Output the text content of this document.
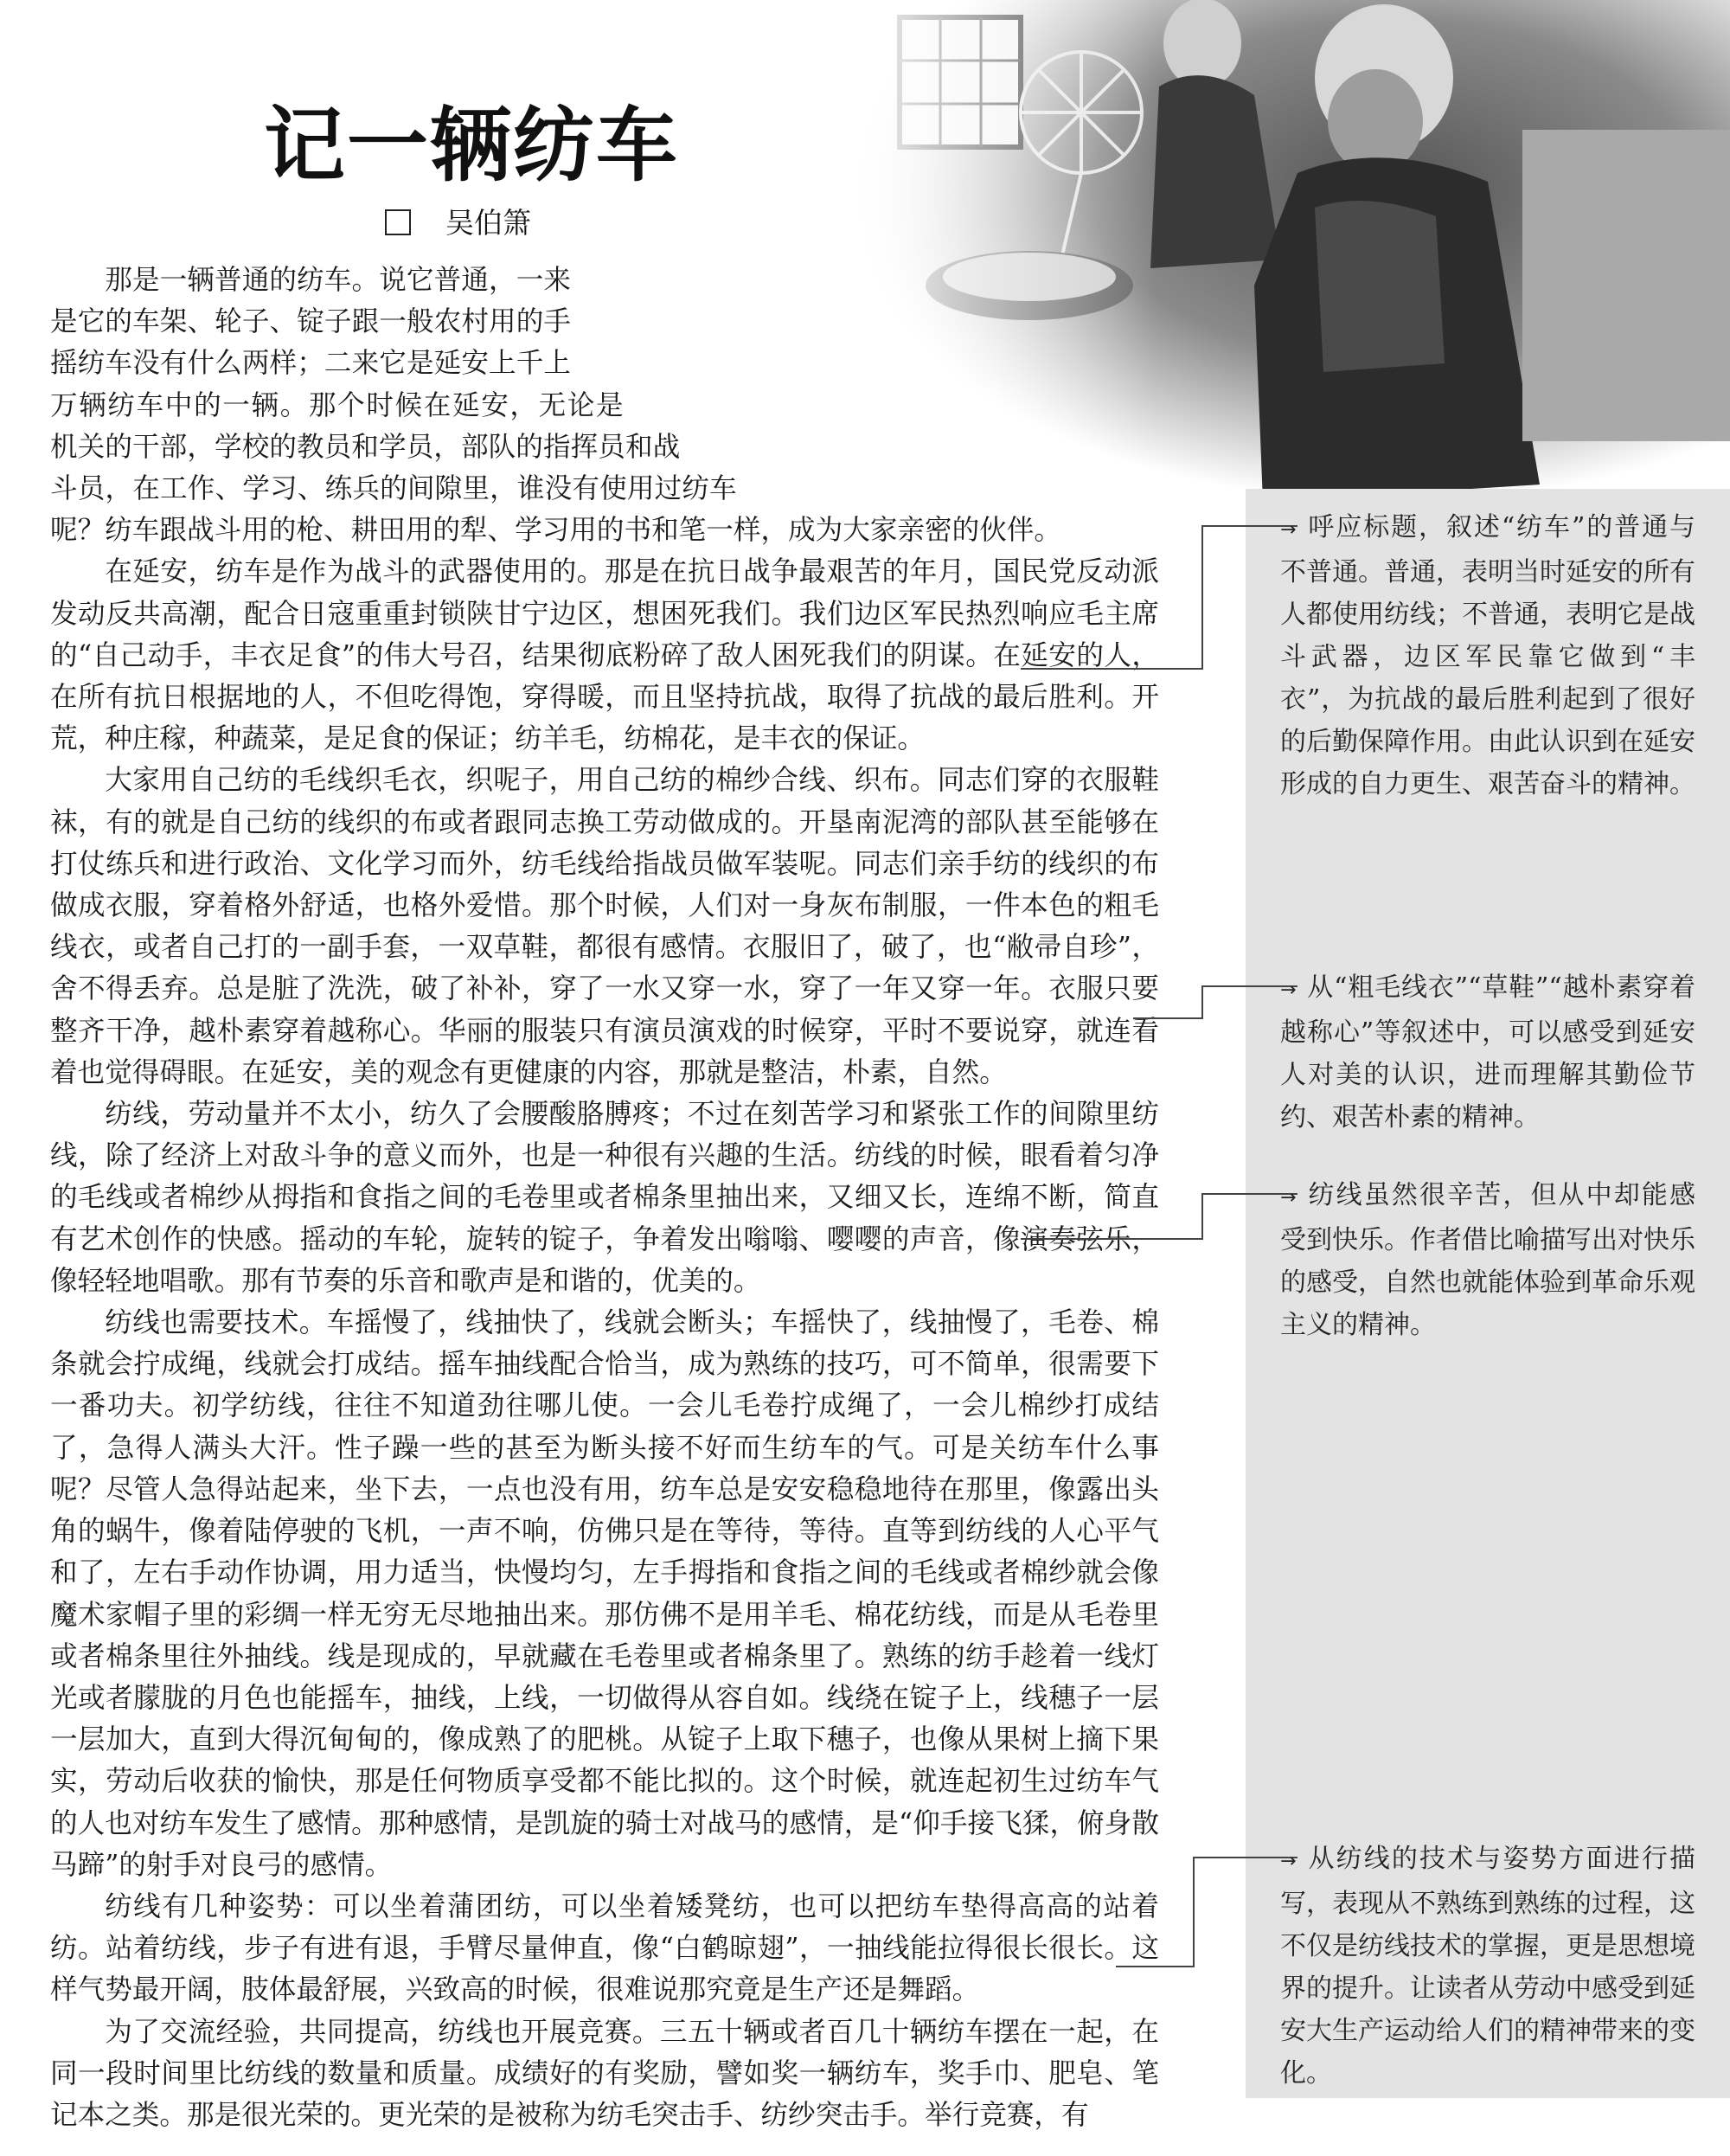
记一辆纺车
吴伯箫

那是一辆普通的纺车。说它普通，一来是它的车架、轮子、锭子跟一般农村用的手摇纺车没有什么两样；二来它是延安上千上万辆纺车中的一辆。那个时候在延安，无论是机关的干部，学校的教员和学员，部队的指挥员和战斗员，在工作、学习、练兵的间隙里，谁没有使用过纺车呢？纺车跟战斗用的枪、耕田用的犁、学习用的书和笔一样，成为大家亲密的伙伴。

在延安，纺车是作为战斗的武器使用的。那是在抗日战争最艰苦的年月，国民党反动派发动反共高潮，配合日寇重重封锁陕甘宁边区，想困死我们。我们边区军民热烈响应毛主席的“自己动手，丰衣足食”的伟大号召，结果彻底粉碎了敌人困死我们的阴谋。在延安的人，在所有抗日根据地的人，不但吃得饱，穿得暖，而且坚持抗战，取得了抗战的最后胜利。开荒，种庄稼，种蔬菜，是足食的保证；纺羊毛，纺棉花，是丰衣的保证。

大家用自己纺的毛线织毛衣，织呢子，用自己纺的棉纱合线、织布。同志们穿的衣服鞋袜，有的就是自己纺的线织的布或者跟同志换工劳动做成的。开垦南泥湾的部队甚至能够在打仗练兵和进行政治、文化学习而外，纺毛线给指战员做军装呢。同志们亲手纺的线织的布做成衣服，穿着格外舒适，也格外爱惜。那个时候，人们对一身灰布制服，一件本色的粗毛线衣，或者自己打的一副手套，一双草鞋，都很有感情。衣服旧了，破了，也“敝帚自珍”，舍不得丢弃。总是脏了洗洗，破了补补，穿了一水又穿一水，穿了一年又穿一年。衣服只要整齐干净，越朴素穿着越称心。华丽的服装只有演员演戏的时候穿，平时不要说穿，就连看着也觉得碍眼。在延安，美的观念有更健康的内容，那就是整洁，朴素，自然。

纺线，劳动量并不太小，纺久了会腰酸胳膊疼；不过在刻苦学习和紧张工作的间隙里纺线，除了经济上对敌斗争的意义而外，也是一种很有兴趣的生活。纺线的时候，眼看着匀净的毛线或者棉纱从拇指和食指之间的毛卷里或者棉条里抽出来，又细又长，连绵不断，简直有艺术创作的快感。摇动的车轮，旋转的锭子，争着发出嗡嗡、嘤嘤的声音，像演奏弦乐，像轻轻地唱歌。那有节奏的乐音和歌声是和谐的，优美的。

纺线也需要技术。车摇慢了，线抽快了，线就会断头；车摇快了，线抽慢了，毛卷、棉条就会拧成绳，线就会打成结。摇车抽线配合恰当，成为熟练的技巧，可不简单，很需要下一番功夫。初学纺线，往往不知道劲往哪儿使。一会儿毛卷拧成绳了，一会儿棉纱打成结了，急得人满头大汗。性子躁一些的甚至为断头接不好而生纺车的气。可是关纺车什么事呢？尽管人急得站起来，坐下去，一点也没有用，纺车总是安安稳稳地待在那里，像露出头角的蜗牛，像着陆停驶的飞机，一声不响，仿佛只是在等待，等待。直等到纺线的人心平气和了，左右手动作协调，用力适当，快慢均匀，左手拇指和食指之间的毛线或者棉纱就会像魔术家帽子里的彩绸一样无穷无尽地抽出来。那仿佛不是用羊毛、棉花纺线，而是从毛卷里或者棉条里往外抽线。线是现成的，早就藏在毛卷里或者棉条里了。熟练的纺手趁着一线灯光或者朦胧的月色也能摇车，抽线，上线，一切做得从容自如。线绕在锭子上，线穗子一层一层加大，直到大得沉甸甸的，像成熟了的肥桃。从锭子上取下穗子，也像从果树上摘下果实，劳动后收获的愉快，那是任何物质享受都不能比拟的。这个时候，就连起初生过纺车气的人也对纺车发生了感情。那种感情，是凯旋的骑士对战马的感情，是“仰手接飞猱，俯身散马蹄”的射手对良弓的感情。

纺线有几种姿势：可以坐着蒲团纺，可以坐着矮凳纺，也可以把纺车垫得高高的站着纺。站着纺线，步子有进有退，手臂尽量伸直，像“白鹤晾翅”，一抽线能拉得很长很长。这样气势最开阔，肢体最舒展，兴致高的时候，很难说那究竟是生产还是舞蹈。

为了交流经验，共同提高，纺线也开展竞赛。三五十辆或者百几十辆纺车摆在一起，在同一段时间里比纺线的数量和质量。成绩好的有奖励，譬如奖一辆纺车，奖手巾、肥皂、笔记本之类。那是很光荣的。更光荣的是被称为纺毛突击手、纺纱突击手。举行竞赛，有

→ 呼应标题，叙述“纺车”的普通与不普通。普通，表明当时延安的所有人都使用纺线；不普通，表明它是战斗武器，边区军民靠它做到“丰衣”，为抗战的最后胜利起到了很好的后勤保障作用。由此认识到在延安形成的自力更生、艰苦奋斗的精神。

→ 从“粗毛线衣”“草鞋”“越朴素穿着越称心”等叙述中，可以感受到延安人对美的认识，进而理解其勤俭节约、艰苦朴素的精神。

→ 纺线虽然很辛苦，但从中却能感受到快乐。作者借比喻描写出对快乐的感受，自然也就能体验到革命乐观主义的精神。

→ 从纺线的技术与姿势方面进行描写，表现从不熟练到熟练的过程，这不仅是纺线技术的掌握，更是思想境界的提升。让读者从劳动中感受到延安大生产运动给人们的精神带来的变化。
